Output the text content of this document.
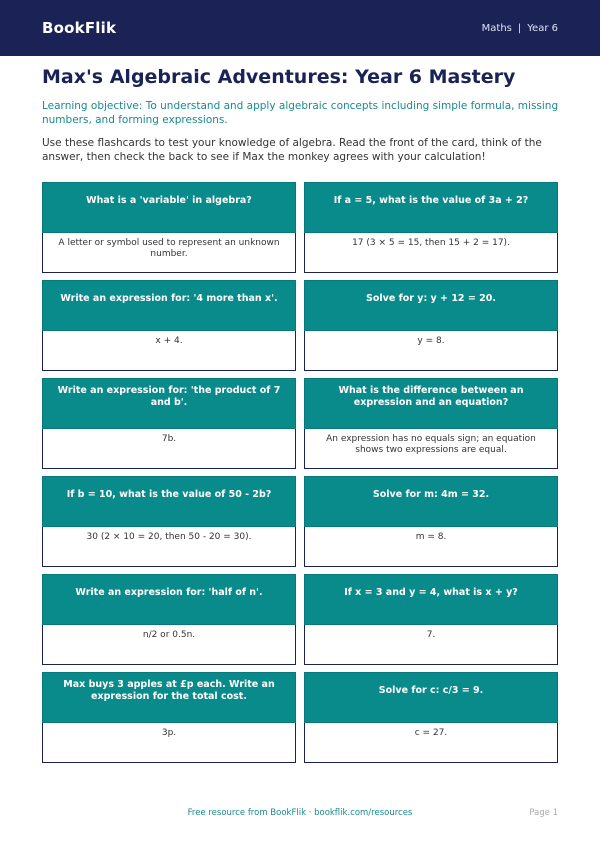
BookFlik	Maths | Year 6
Max's Algebraic Adventures: Year 6 Mastery

Learning objective: To understand and apply algebraic concepts including simple formula, missing numbers, and forming expressions.

Use these flashcards to test your knowledge of algebra. Read the front of the card, think of the answer, then check the back to see if Max the monkey agrees with your calculation!

What is a 'variable' in algebra?
A letter or symbol used to represent an unknown number.
If a = 5, what is the value of 3a + 2?
17 (3 × 5 = 15, then 15 + 2 = 17).
Write an expression for: '4 more than x'.
x + 4.
Solve for y: y + 12 = 20.
y = 8.
Write an expression for: 'the product of 7 and b'.
7b.
What is the difference between an expression and an equation?
An expression has no equals sign; an equation shows two expressions are equal.
If b = 10, what is the value of 50 - 2b?
30 (2 × 10 = 20, then 50 - 20 = 30).
Solve for m: 4m = 32.
m = 8.
Write an expression for: 'half of n'.
n/2 or 0.5n.
If x = 3 and y = 4, what is x + y?
7.
Max buys 3 apples at £p each. Write an expression for the total cost.
3p.
Solve for c: c/3 = 9.
c = 27.
Free resource from BookFlik · bookflik.com/resources	Page 1
